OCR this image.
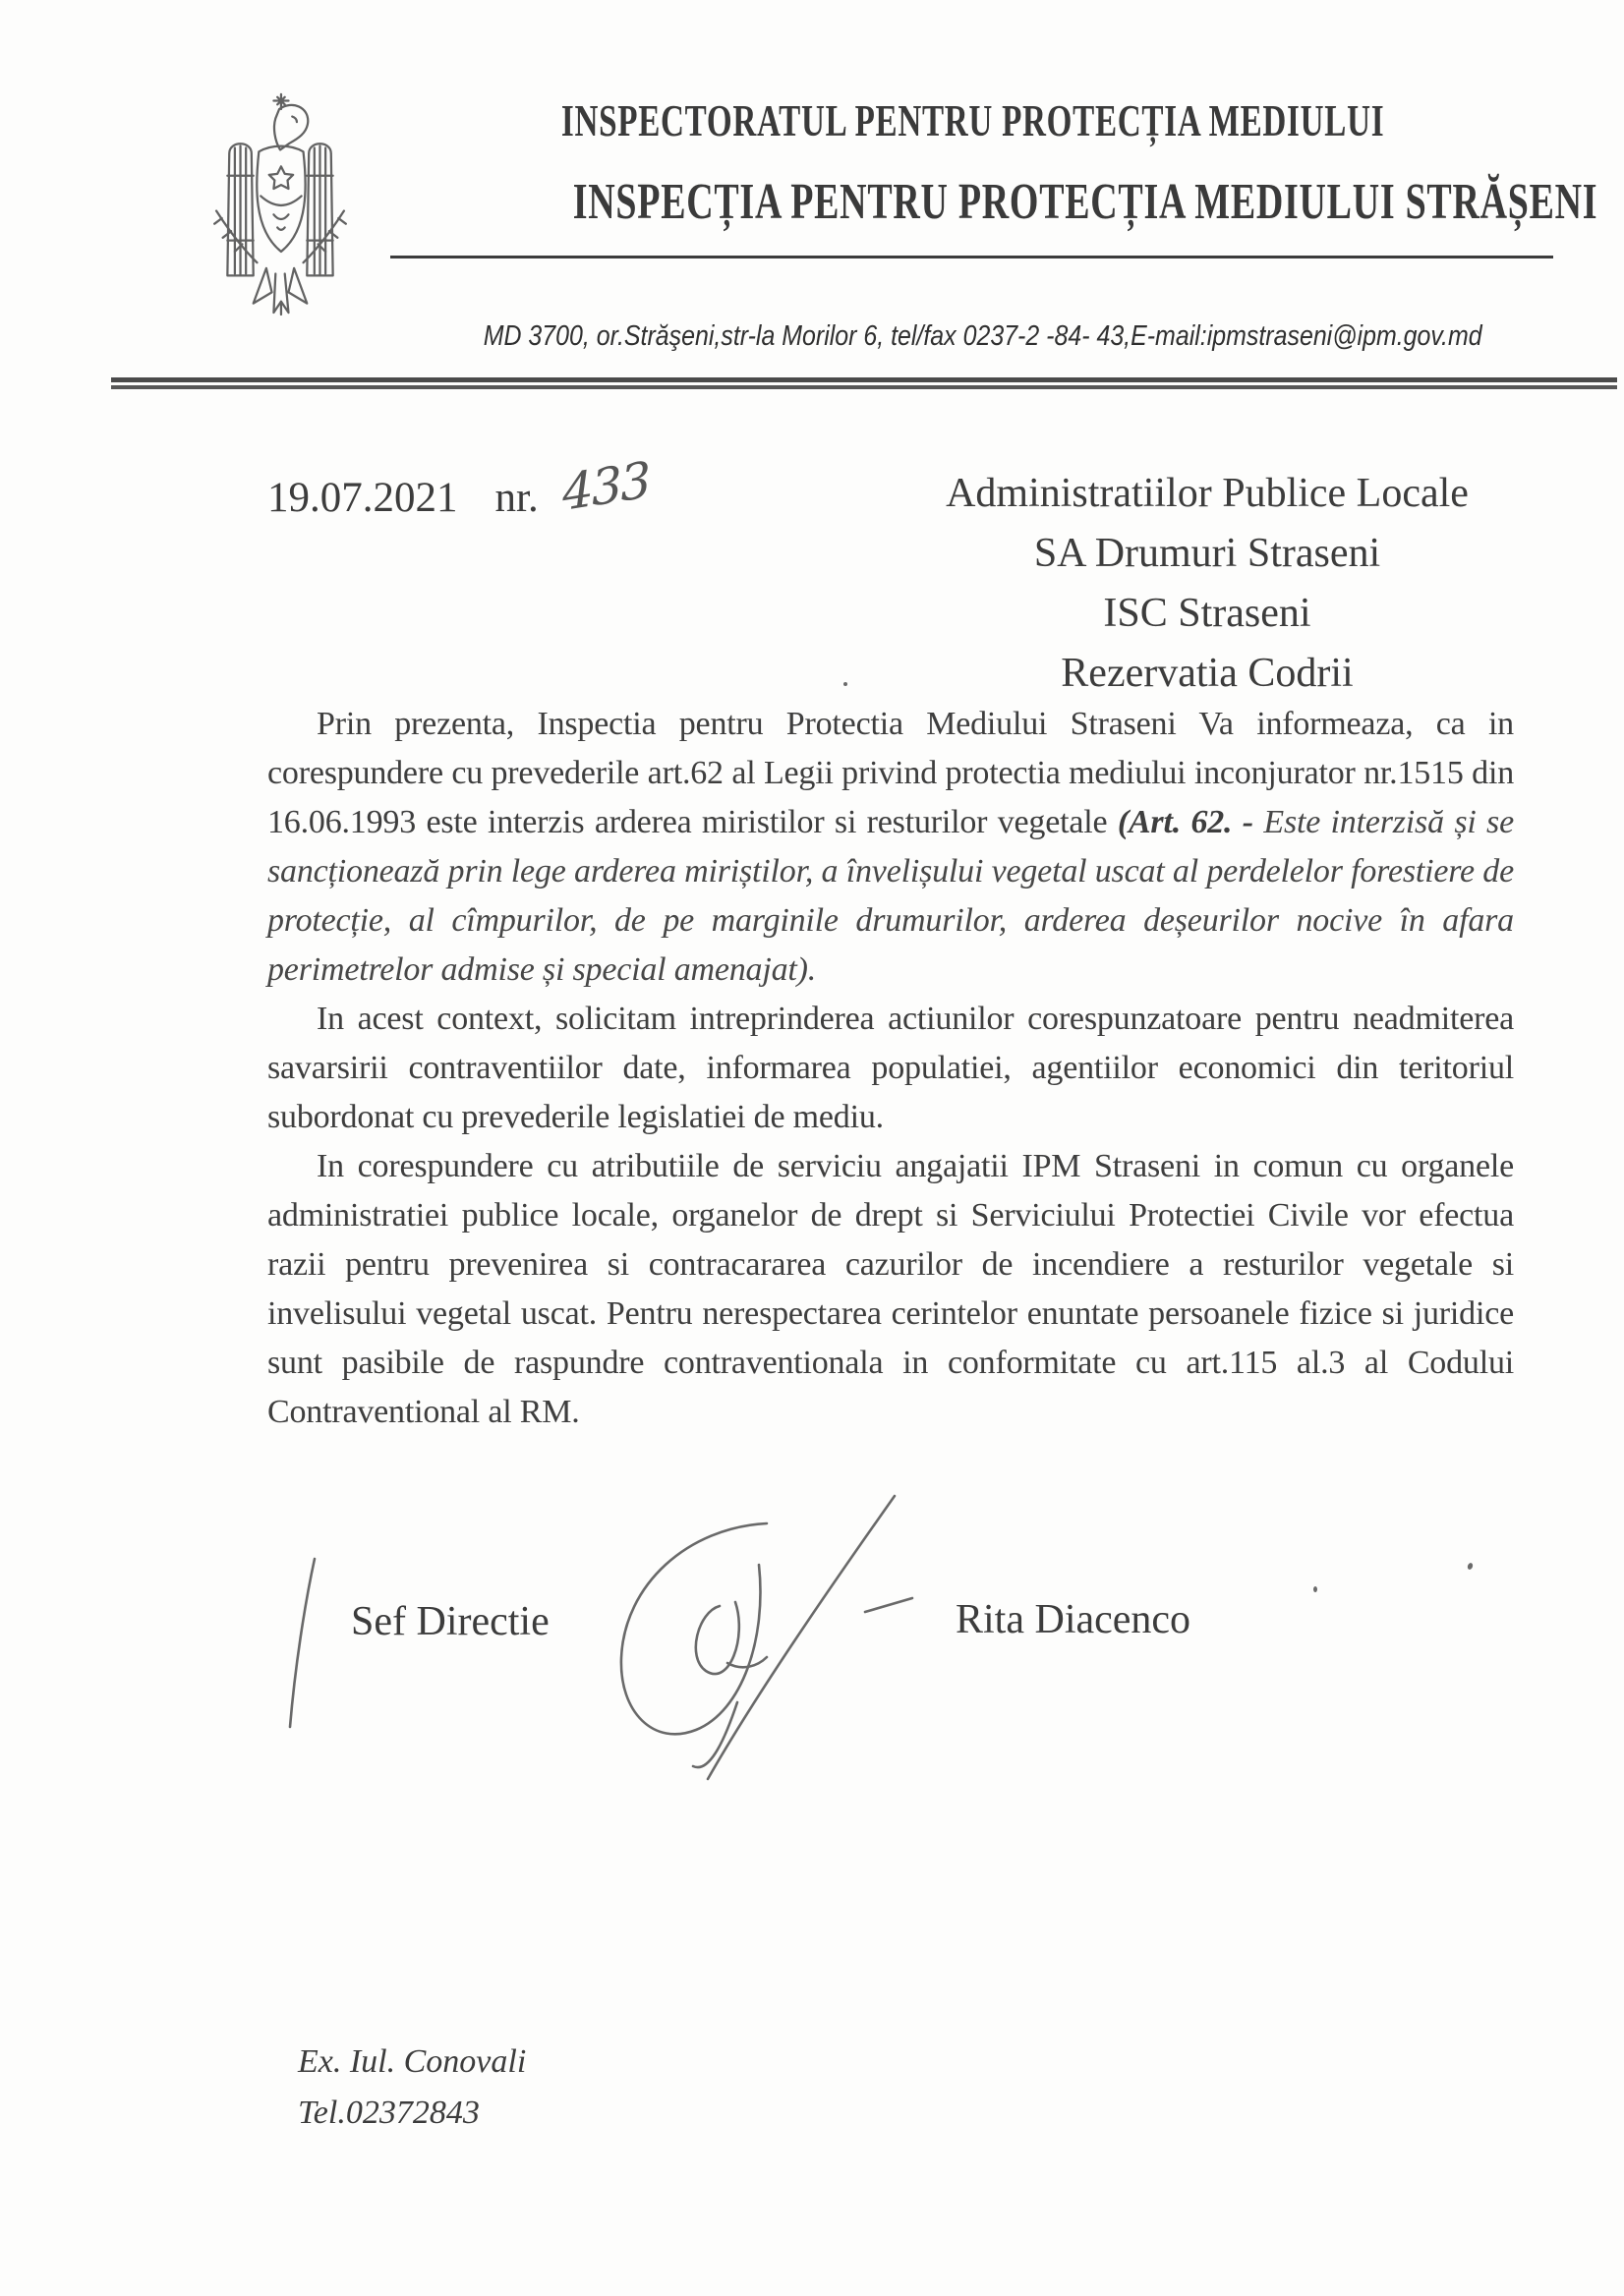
INSPECTORATUL PENTRU PROTECȚIA MEDIULUI
INSPECȚIA PENTRU PROTECȚIA MEDIULUI STRĂȘENI
MD 3700, or.Străşeni,str-la Morilor 6, tel/fax 0237-2 -84- 43,E-mail:ipmstraseni@ipm.gov.md
19.07.2021 nr. 433	Administratiilor Publice Locale
SA Drumuri Straseni
ISC Straseni
Rezervatia Codrii

Prin prezenta, Inspectia pentru Protectia Mediului Straseni Va informeaza, ca in corespundere cu prevederile art.62 al Legii privind protectia mediului inconjurator nr.1515 din 16.06.1993 este interzis arderea miristilor si resturilor vegetale (Art. 62. - Este interzisă și se sancționează prin lege arderea miriștilor, a învelișului vegetal uscat al perdelelor forestiere de protecție, al cîmpurilor, de pe marginile drumurilor, arderea deșeurilor nocive în afara perimetrelor admise și special amenajat).

In acest context, solicitam intreprinderea actiunilor corespunzatoare pentru neadmiterea savarsirii contraventiilor date, informarea populatiei, agentiilor economici din teritoriul subordonat cu prevederile legislatiei de mediu.

In corespundere cu atributiile de serviciu angajatii IPM Straseni in comun cu organele administratiei publice locale, organelor de drept si Serviciului Protectiei Civile vor efectua razii pentru prevenirea si contracararea cazurilor de incendiere a resturilor vegetale si invelisului vegetal uscat. Pentru nerespectarea cerintelor enuntate persoanele fizice si juridice sunt pasibile de raspundre contraventionala in conformitate cu art.115 al.3 al Codului Contraventional al RM.

Sef Directie	Rita Diacenco
Ex. Iul. Conovali
Tel.02372843
